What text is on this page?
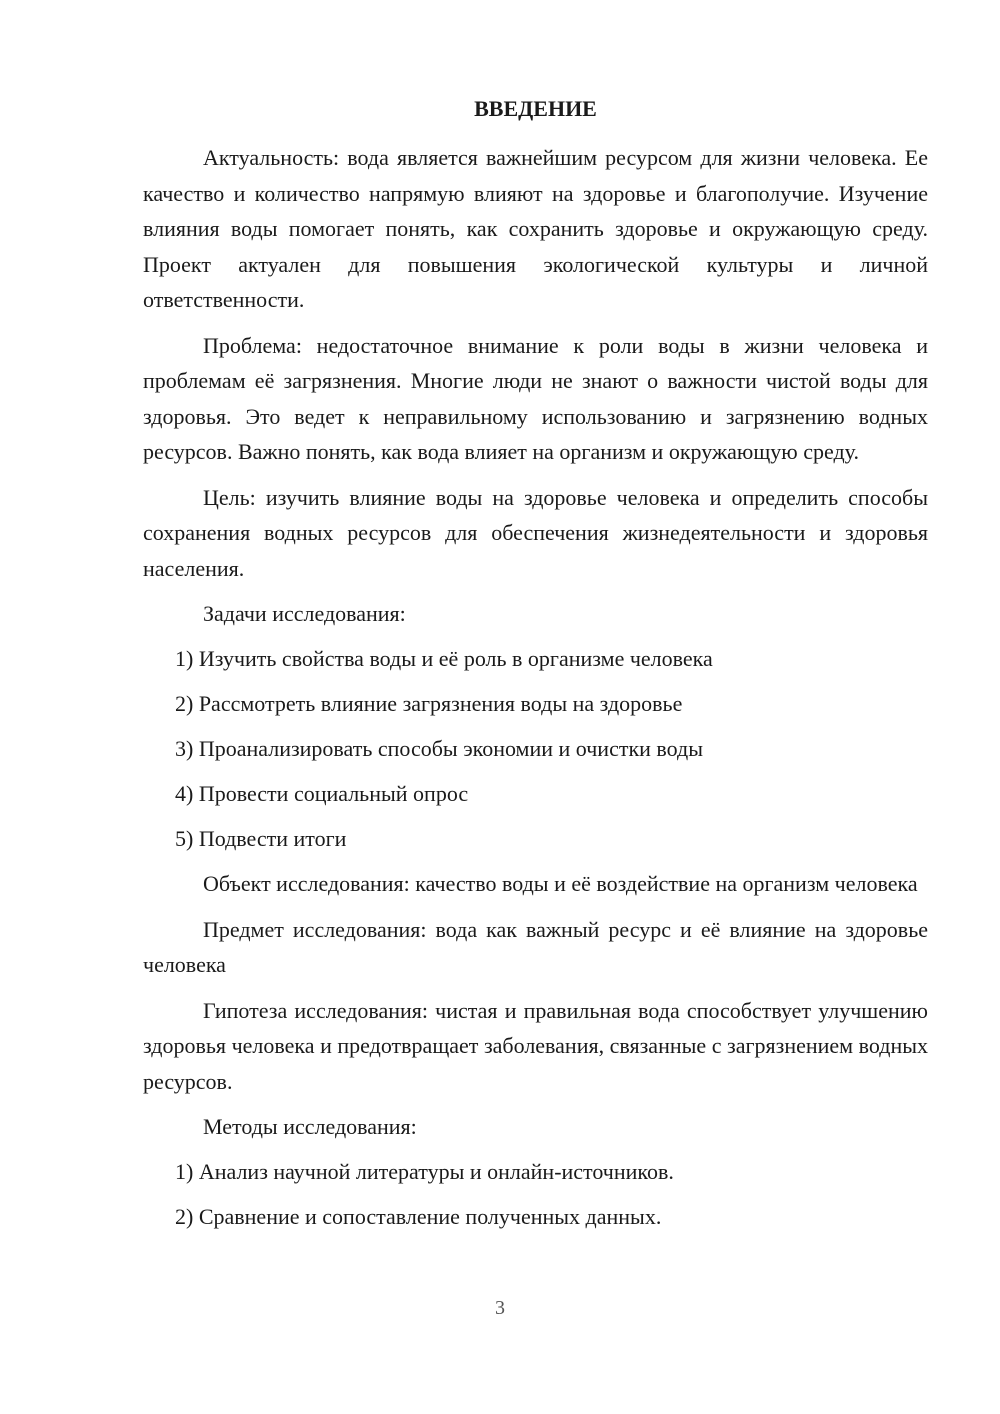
ВВЕДЕНИЕ

Актуальность: вода является важнейшим ресурсом для жизни человека. Ее качество и количество напрямую влияют на здоровье и благополучие. Изучение влияния воды помогает понять, как сохранить здоровье и окружающую среду. Проект актуален для повышения экологической культуры и личной ответственности.

Проблема: недостаточное внимание к роли воды в жизни человека и проблемам её загрязнения. Многие люди не знают о важности чистой воды для здоровья. Это ведет к неправильному использованию и загрязнению водных ресурсов. Важно понять, как вода влияет на организм и окружающую среду.

Цель: изучить влияние воды на здоровье человека и определить способы сохранения водных ресурсов для обеспечения жизнедеятельности и здоровья населения.

Задачи исследования:
1) Изучить свойства воды и её роль в организме человека
2) Рассмотреть влияние загрязнения воды на здоровье
3) Проанализировать способы экономии и очистки воды
4) Провести социальный опрос
5) Подвести итоги

Объект исследования: качество воды и её воздействие на организм человека

Предмет исследования: вода как важный ресурс и её влияние на здоровье человека

Гипотеза исследования: чистая и правильная вода способствует улучшению здоровья человека и предотвращает заболевания, связанные с загрязнением водных ресурсов.

Методы исследования:
1) Анализ научной литературы и онлайн-источников.
2) Сравнение и сопоставление полученных данных.
3
